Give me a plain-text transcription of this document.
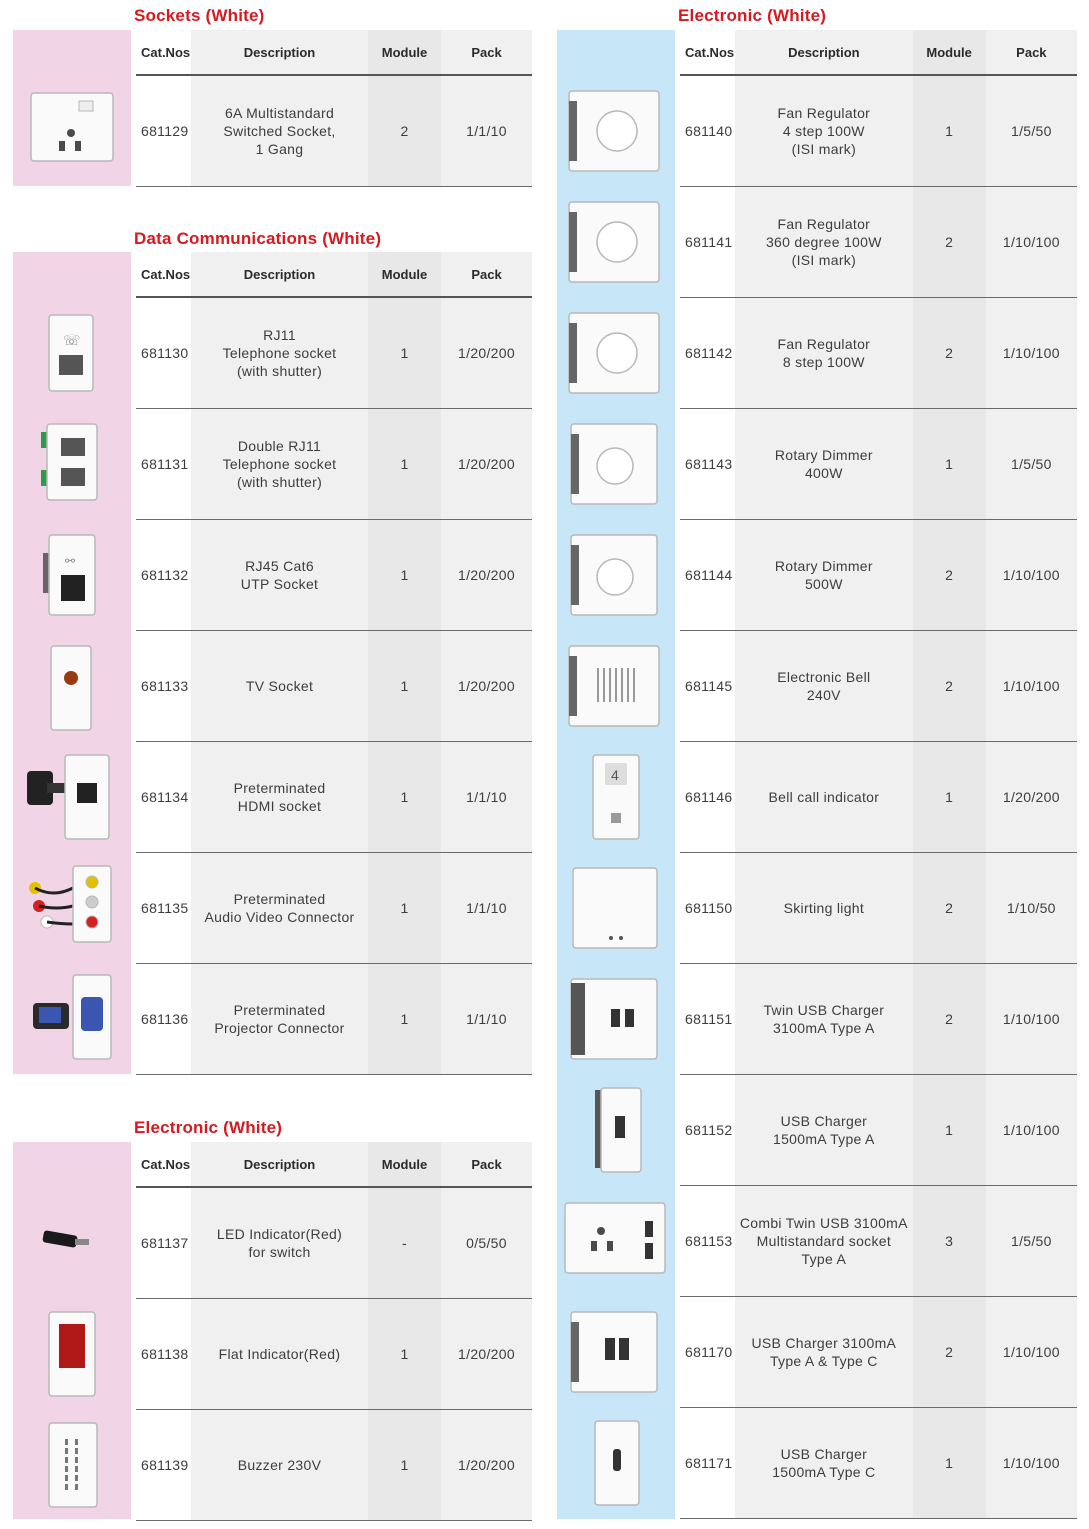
Sockets (White)
Cat.Nos	Description	Module	Pack
681129	6A Multistandard
Switched Socket,
1 Gang	2	1/1/10
Data Communications (White)
Cat.Nos	Description	Module	Pack
681130	RJ11
Telephone socket
(with shutter)	1	1/20/200
681131	Double RJ11
Telephone socket
(with shutter)	1	1/20/200
681132	RJ45 Cat6
UTP Socket	1	1/20/200
681133	TV Socket	1	1/20/200
681134	Preterminated
HDMI socket	1	1/1/10
681135	Preterminated
Audio Video Connector	1	1/1/10
681136	Preterminated
Projector Connector	1	1/1/10
Electronic (White)
Cat.Nos	Description	Module	Pack
681137	LED Indicator(Red)
for switch	-	0/5/50
681138	Flat Indicator(Red)	1	1/20/200
681139	Buzzer 230V	1	1/20/200
Electronic (White)
Cat.Nos	Description	Module	Pack
681140	Fan Regulator
4 step 100W
(ISI mark)	1	1/5/50
681141	Fan Regulator
360 degree 100W
(ISI mark)	2	1/10/100
681142	Fan Regulator
8 step 100W	2	1/10/100
681143	Rotary Dimmer
400W	1	1/5/50
681144	Rotary Dimmer
500W	2	1/10/100
681145	Electronic Bell
240V	2	1/10/100
681146	Bell call indicator	1	1/20/200
681150	Skirting light	2	1/10/50
681151	Twin USB Charger
3100mA Type A	2	1/10/100
681152	USB Charger
1500mA Type A	1	1/10/100
681153	Combi Twin USB 3100mA
Multistandard socket
Type A	3	1/5/50
681170	USB Charger 3100mA
Type A & Type C	2	1/10/100
681171	USB Charger
1500mA Type C	1	1/10/100
☏
⚯
4
